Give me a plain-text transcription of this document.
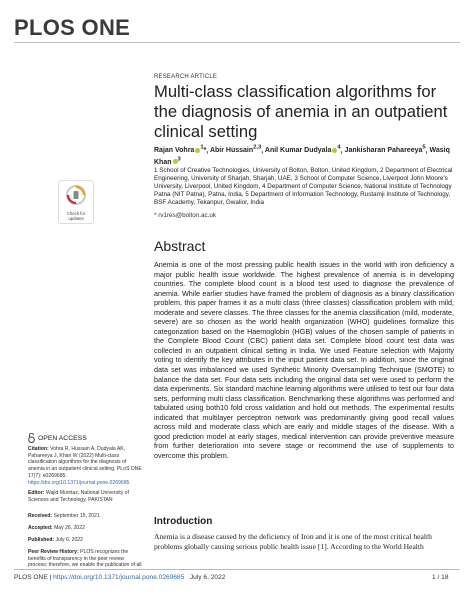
PLOS ONE
RESEARCH ARTICLE
Multi-class classification algorithms for the diagnosis of anemia in an outpatient clinical setting
Rajan Vohra $^1$*, Abir Hussain$^{2,3}$, Anil Kumar Dudyala $^4$, Jankisharan Pahareeya$^5$, Wasiq Khan $^3$
1 School of Creative Technologies, University of Bolton, Bolton, United Kingdom, 2 Department of Electrical Engineering, University of Sharjah, Sharjah, UAE, 3 School of Computer Science, Liverpool John Moore's University, Liverpool, United Kingdom, 4 Department of Computer Science, National Institute of Technology Patna (NIT Patna), Patna, India, 5 Department of Information Technology, Rustamji Institute of Technology, BSF Academy, Tekanpur, Gwalior, India
* rv1res@bolton.ac.uk
Abstract
Anemia is one of the most pressing public health issues in the world with iron deficiency a major public health issue worldwide. The highest prevalence of anemia is in developing countries. The complete blood count is a blood test used to diagnose the prevalence of anemia. While earlier studies have framed the problem of diagnosis as a binary classification problem, this paper frames it as a multi class (three classes) classification problem with mild, moderate and severe classes. The three classes for the anemia classification (mild, moderate, severe) are so chosen as the world health organization (WHO) guidelines formalize this categorization based on the Haemoglobin (HGB) values of the chosen sample of patients in the Complete Blood Count (CBC) patient data set. Complete blood count test data was collected in an outpatient clinical setting in India. We used Feature selection with Majority voting to identify the key attributes in the input patient data set. In addition, since the original data set was imbalanced we used Synthetic Minority Oversampling Technique (SMOTE) to balance the data set. Four data sets including the original data set were used to perform the data experiments. Six standard machine learning algorithms were utilised to test our four data sets, performing multi class classification. Benchmarking these algorithms was performed and tabulated using both10 fold cross validation and hold out methods. The experimental results indicated that multilayer perceptron network was predominantly giving good recall values across mild and moderate class which are early and middle stages of the disease. With a good prediction model at early stages, medical intervention can provide preventive measure from further deterioration into severe stage or recommend the use of supplements to overcome this problem.
Introduction
Anemia is a disease caused by the deficiency of Iron and it is one of the most critical health problems globally causing serious public health issue [1]. According to the World Health
Check for
updates
OPEN ACCESS
Citation: Vohra R, Hussain A, Dudyala AK, Pahareeya J, Khan W (2022) Multi-class classification algorithms for the diagnosis of anemia in an outpatient clinical setting. PLoS ONE 17(7): e0269685. https://doi.org/10.1371/journal.pone.0269685
Editor: Wajid Mumtaz, National University of Sciences and Technology, PAKISTAN
Received: September 15, 2021
Accepted: May 26, 2022
Published: July 6, 2022
Peer Review History: PLOS recognizes the benefits of transparency in the peer review process; therefore, we enable the publication of all
PLOS ONE | https://doi.org/10.1371/journal.pone.0269685 July 6, 2022	1 / 18
